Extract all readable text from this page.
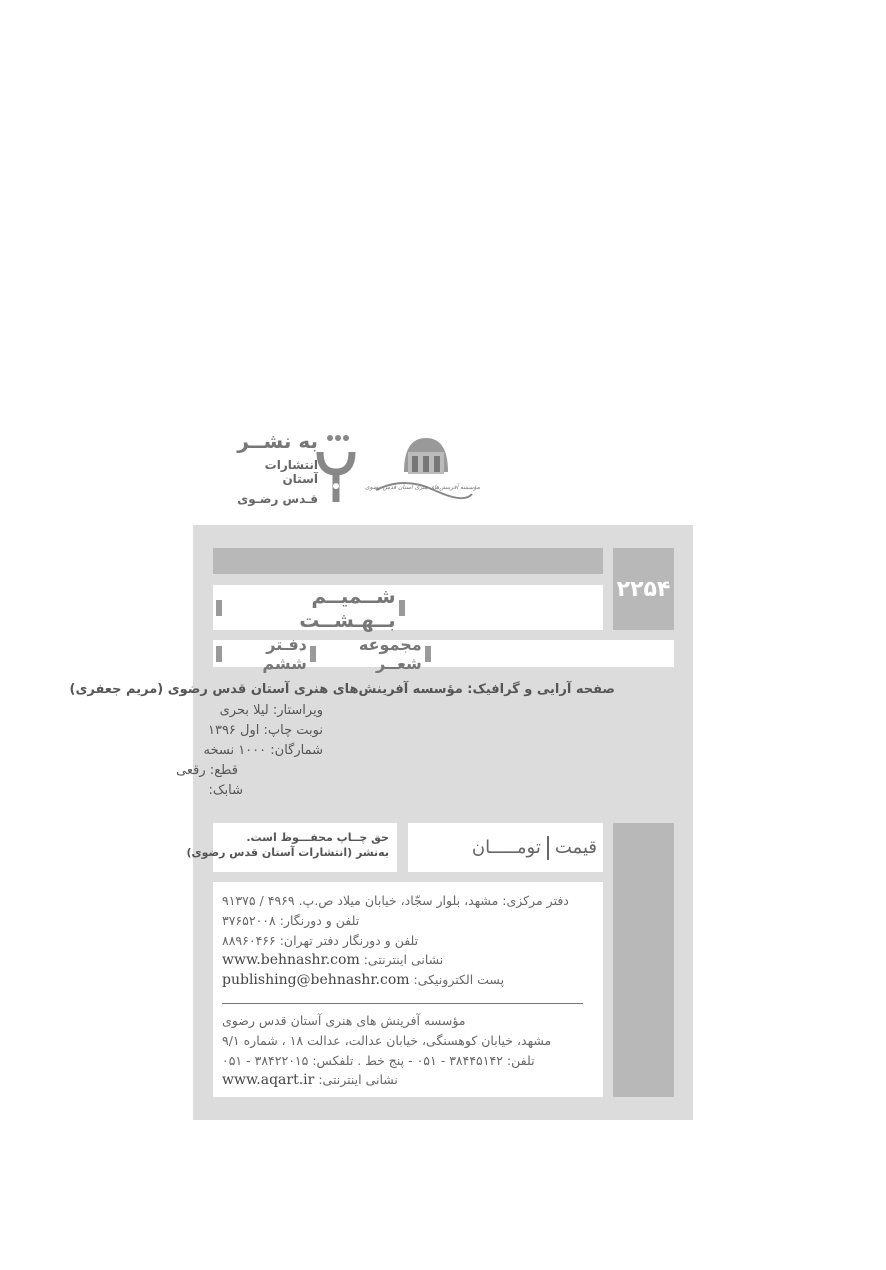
به نشــر
انتشارات آستان
قـدس رضـوی
مؤسسه آفرینش‌های هنری آستان قدس رضوی
۲۲۵۴
شــمیــم بــهـشــت
دفـتر ششم
مجموعه شعــر
صفحه آرایی و گرافیک: مؤسسه آفرینش‌های هنری آستان قدس رضوی (مریم جعفری)
ویراستار: لیلا بحری
نوبت چاپ: اول ۱۳۹۶
شمارگان: ۱۰۰۰ نسخه
قطع: رقعی
شابک:
حق چــاپ محفـــوظ است.
به‌نشر (انتشارات آستان قدس رضوی)	قیمت
تومـــــان
دفتر مرکزی: مشهد، بلوار سجّاد، خیابان میلاد ص.پ. ۴۹۶۹ / ۹۱۳۷۵
تلفن و دورنگار: ۳۷۶۵۲۰۰۸
تلفن و دورنگار دفتر تهران: ۸۸۹۶۰۴۶۶
نشانی اینترنتی: www.behnashr.com
پست الکترونیکی: publishing@behnashr.com
مؤسسه آفرینش های هنری آستان قدس رضوی
مشهد، خیابان کوهسنگی، خیابان عدالت، عدالت ۱۸ ، شماره ۹/۱
تلفن: ۳۸۴۴۵۱۴۲ - ۰۵۱ - پنج خط . تلفکس: ۳۸۴۲۲۰۱۵ - ۰۵۱
نشانی اینترنتی: www.aqart.ir
